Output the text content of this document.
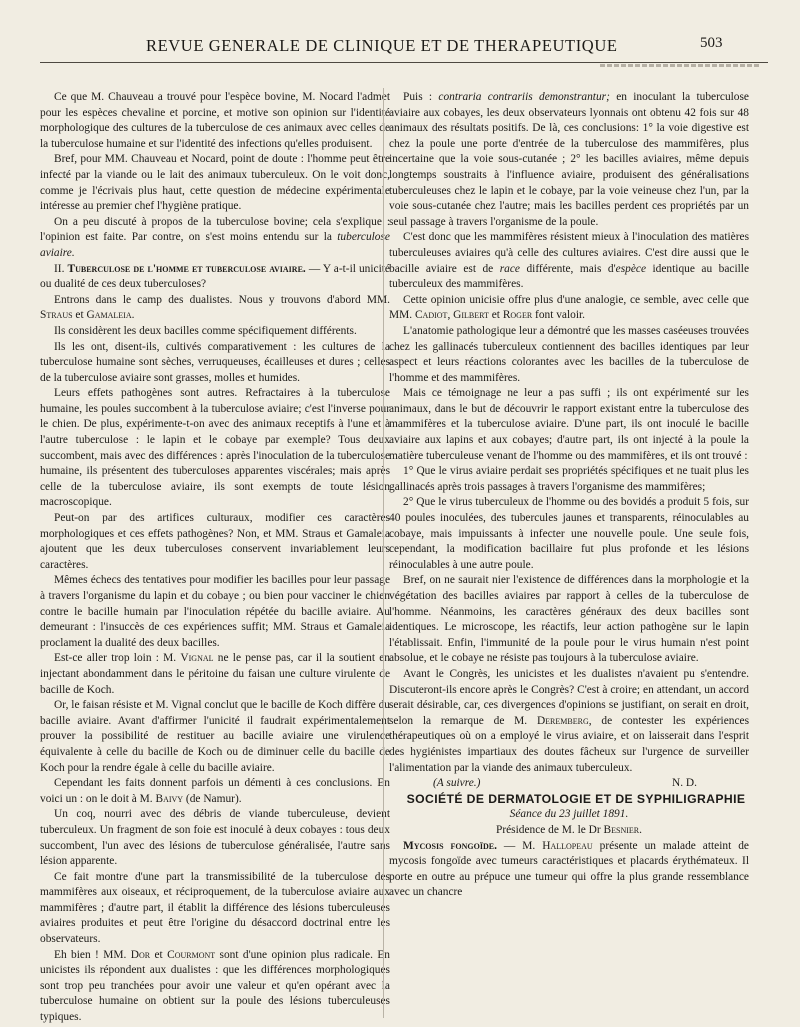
REVUE GENERALE DE CLINIQUE ET DE THERAPEUTIQUE	503

Ce que M. Chauveau a trouvé pour l'espèce bovine, M. Nocard l'admet pour les espèces chevaline et porcine, et motive son opinion sur l'identité morphologique des cultures de la tuberculose de ces animaux avec celles de la tuberculose humaine et sur l'identité des infections qu'elles produisent.

Bref, pour MM. Chauveau et Nocard, point de doute : l'homme peut être infecté par la viande ou le lait des animaux tuberculeux. On le voit donc, comme je l'écrivais plus haut, cette question de médecine expérimentale intéresse au premier chef l'hygiène pratique.

On a peu discuté à propos de la tuberculose bovine; cela s'explique : l'opinion est faite. Par contre, on s'est moins entendu sur la tuberculose aviaire.

II. Tuberculose de l'homme et tuberculose aviaire. — Y a-t-il unicité ou dualité de ces deux tuberculoses?

Entrons dans le camp des dualistes. Nous y trouvons d'abord MM. Straus et Gamaleia.

Ils considèrent les deux bacilles comme spécifiquement différents.

Ils les ont, disent-ils, cultivés comparativement : les cultures de la tuberculose humaine sont sèches, verruqueuses, écailleuses et dures ; celles de la tuberculose aviaire sont grasses, molles et humides.

Leurs effets pathogènes sont autres. Refractaires à la tuberculose humaine, les poules succombent à la tuberculose aviaire; c'est l'inverse pour le chien. De plus, expérimente-t-on avec des animaux receptifs à l'une et à l'autre tuberculose : le lapin et le cobaye par exemple? Tous deux succombent, mais avec des différences : après l'inoculation de la tuberculose humaine, ils présentent des tuberculoses apparentes viscérales; mais après celle de la tuberculose aviaire, ils sont exempts de toute lésion macroscopique.

Peut-on par des artifices culturaux, modifier ces caractères morphologiques et ces effets pathogènes? Non, et MM. Straus et Gamaleia ajoutent que les deux tuberculoses conservent invariablement leurs caractères.

Mêmes échecs des tentatives pour modifier les bacilles pour leur passage à travers l'organisme du lapin et du cobaye ; ou bien pour vacciner le chien contre le bacille humain par l'inoculation répétée du bacille aviaire. Au demeurant : l'insuccès de ces expériences suffit; MM. Straus et Gamaleia proclament la dualité des deux bacilles.

Est-ce aller trop loin : M. Vignal ne le pense pas, car il la soutient en injectant abondamment dans le péritoine du faisan une culture virulente de bacille de Koch.

Or, le faisan résiste et M. Vignal conclut que le bacille de Koch diffère du bacille aviaire. Avant d'affirmer l'unicité il faudrait expérimentalement prouver la possibilité de restituer au bacille aviaire une virulence équivalente à celle du bacille de Koch ou de diminuer celle du bacille de Koch pour la rendre égale à celle du bacille aviaire.

Cependant les faits donnent parfois un démenti à ces conclusions. En voici un : on le doit à M. Baivy (de Namur).

Un coq, nourri avec des débris de viande tuberculeuse, devient tuberculeux. Un fragment de son foie est inoculé à deux cobayes : tous deux succombent, l'un avec des lésions de tuberculose généralisée, l'autre sans lésion apparente.

Ce fait montre d'une part la transmissibilité de la tuberculose des mammifères aux oiseaux, et réciproquement, de la tuberculose aviaire aux mammifères ; d'autre part, il établit la différence des lésions tuberculeuses aviaires produites et peut être l'origine du désaccord doctrinal entre les observateurs.

Eh bien ! MM. Dor et Courmont sont d'une opinion plus radicale. En unicistes ils répondent aux dualistes : que les différences morphologiques sont trop peu tranchées pour avoir une valeur et qu'en opérant avec la tuberculose humaine on obtient sur la poule des lésions tuberculeuses typiques.

Puis : contraria contrariis demonstrantur; en inoculant la tuberculose aviaire aux cobayes, les deux observateurs lyonnais ont obtenu 42 fois sur 48 animaux des résultats positifs. De là, ces conclusions: 1° la voie digestive est chez la poule une porte d'entrée de la tuberculose des mammifères, plus incertaine que la voie sous-cutanée ; 2° les bacilles aviaires, même depuis longtemps soustraits à l'influence aviaire, produisent des généralisations tuberculeuses chez le lapin et le cobaye, par la voie veineuse chez l'un, par la voie sous-cutanée chez l'autre; mais les bacilles perdent ces propriétés par un seul passage à travers l'organisme de la poule.

C'est donc que les mammifères résistent mieux à l'inoculation des matières tuberculeuses aviaires qu'à celle des cultures aviaires. C'est dire aussi que le bacille aviaire est de race différente, mais d'espèce identique au bacille tuberculeux des mammifères.

Cette opinion unicisie offre plus d'une analogie, ce semble, avec celle que MM. Cadiot, Gilbert et Roger font valoir.

L'anatomie pathologique leur a démontré que les masses caséeuses trouvées chez les gallinacés tuberculeux contiennent des bacilles identiques par leur aspect et leurs réactions colorantes avec les bacilles de la tuberculose de l'homme et des mammifères.

Mais ce témoignage ne leur a pas suffi ; ils ont expérimenté sur les animaux, dans le but de découvrir le rapport existant entre la tuberculose des mammifères et la tuberculose aviaire. D'une part, ils ont inoculé le bacille aviaire aux lapins et aux cobayes; d'autre part, ils ont injecté à la poule la matière tuberculeuse venant de l'homme ou des mammifères, et ils ont trouvé :

1° Que le virus aviaire perdait ses propriétés spécifiques et ne tuait plus les gallinacés après trois passages à travers l'organisme des mammifères;

2° Que le virus tuberculeux de l'homme ou des bovidés a produit 5 fois, sur 40 poules inoculées, des tubercules jaunes et transparents, réinoculables au cobaye, mais impuissants à infecter une nouvelle poule. Une seule fois, cependant, la modification bacillaire fut plus profonde et les lésions réinoculables à une autre poule.

Bref, on ne saurait nier l'existence de différences dans la morphologie et la végétation des bacilles aviaires par rapport à celles de la tuberculose de l'homme. Néanmoins, les caractères généraux des deux bacilles sont identiques. Le microscope, les réactifs, leur action pathogène sur le lapin l'établissait. Enfin, l'immunité de la poule pour le virus humain n'est point absolue, et le cobaye ne résiste pas toujours à la tuberculose aviaire.

Avant le Congrès, les unicistes et les dualistes n'avaient pu s'entendre. Discuteront-ils encore après le Congrès? C'est à croire; en attendant, un accord serait désirable, car, ces divergences d'opinions se justifiant, on serait en droit, selon la remarque de M. Deremberg, de contester les expériences thérapeutiques où on a employé le virus aviaire, et on laisserait dans l'esprit des hygiénistes impartiaux des doutes fâcheux sur l'urgence de surveiller l'alimentation par la viande des animaux tuberculeux.

(A suivre.)	N. D.

SOCIÉTÉ DE DERMATOLOGIE ET DE SYPHILIGRAPHIE

Séance du 23 juillet 1891.

Présidence de M. le Dr Besnier.

Mycosis fongoïde. — M. Hallopeau présente un malade atteint de mycosis fongoïde avec tumeurs caractéristiques et placards érythémateux. Il porte en outre au prépuce une tumeur qui offre la plus grande ressemblance avec un chancre
